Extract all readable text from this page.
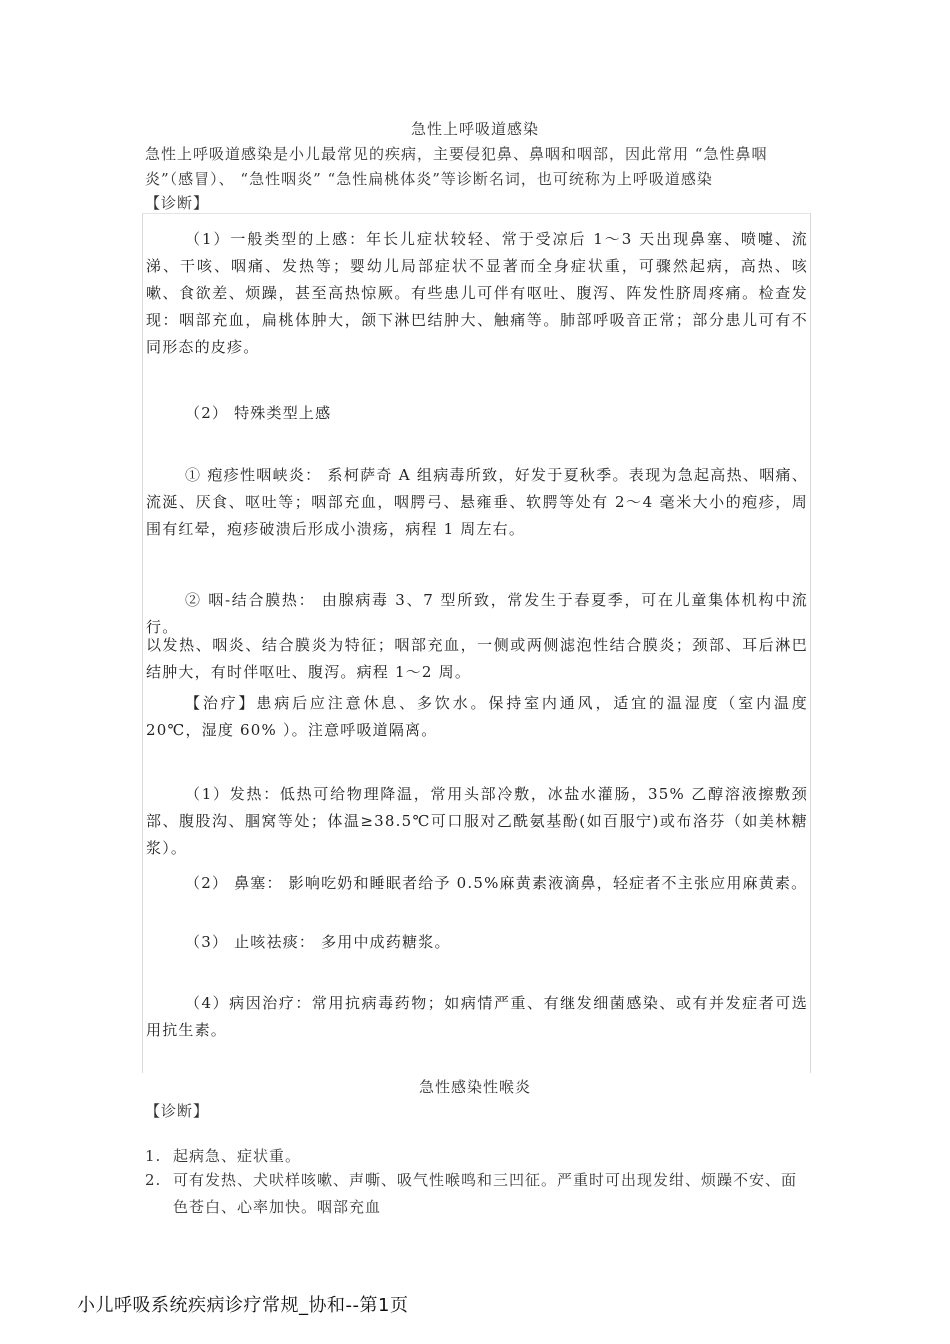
急性上呼吸道感染
急性上呼吸道感染是小儿最常见的疾病，主要侵犯鼻、鼻咽和咽部，因此常用 “急性鼻咽炎”（感冒）、 “急性咽炎” “急性扁桃体炎”等诊断名词，也可统称为上呼吸道感染
【诊断】

（1）一般类型的上感：年长儿症状较轻、常于受凉后 1～3 天出现鼻塞、喷嚏、流涕、干咳、咽痛、发热等；婴幼儿局部症状不显著而全身症状重，可骤然起病，高热、咳嗽、食欲差、烦躁，甚至高热惊厥。有些患儿可伴有呕吐、腹泻、阵发性脐周疼痛。检查发现：咽部充血，扁桃体肿大，颌下淋巴结肿大、触痛等。肺部呼吸音正常；部分患儿可有不同形态的皮疹。

（2） 特殊类型上感

① 疱疹性咽峡炎： 系柯萨奇 A 组病毒所致，好发于夏秋季。表现为急起高热、咽痛、流涎、厌食、呕吐等；咽部充血，咽腭弓、悬雍垂、软腭等处有 2～4 毫米大小的疱疹，周围有红晕，疱疹破溃后形成小溃疡，病程 1 周左右。

② 咽-结合膜热： 由腺病毒 3、7 型所致，常发生于春夏季，可在儿童集体机构中流行。

以发热、咽炎、结合膜炎为特征；咽部充血，一侧或两侧滤泡性结合膜炎；颈部、耳后淋巴结肿大，有时伴呕吐、腹泻。病程 1～2 周。

【治疗】患病后应注意休息、多饮水。保持室内通风，适宜的温湿度（室内温度 20℃，湿度 60% ）。注意呼吸道隔离。

（1）发热：低热可给物理降温，常用头部冷敷，冰盐水灌肠，35% 乙醇溶液擦敷颈部、腹股沟、腘窝等处；体温≥38.5℃可口服对乙酰氨基酚(如百服宁)或布洛芬（如美林糖浆）。

（2） 鼻塞： 影响吃奶和睡眠者给予 0.5%麻黄素液滴鼻，轻症者不主张应用麻黄素。

（3） 止咳祛痰： 多用中成药糖浆。

（4）病因治疗：常用抗病毒药物；如病情严重、有继发细菌感染、或有并发症者可选用抗生素。

急性感染性喉炎
【诊断】
1. 起病急、症状重。
2. 可有发热、犬吠样咳嗽、声嘶、吸气性喉鸣和三凹征。严重时可出现发绀、烦躁不安、面色苍白、心率加快。咽部充血
小儿呼吸系统疾病诊疗常规_协和--第1页
